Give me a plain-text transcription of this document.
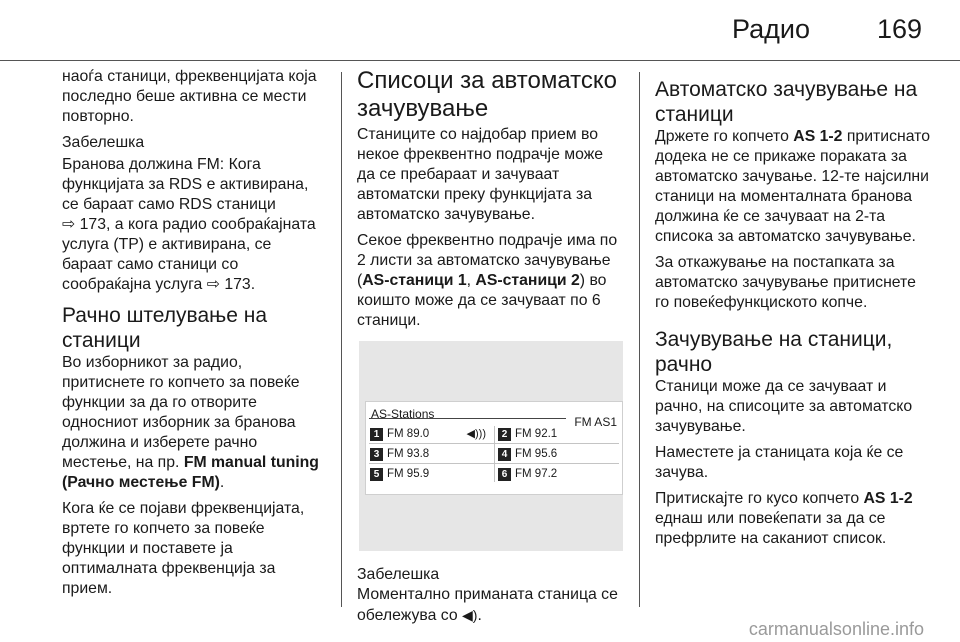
Радио 169

наоѓа станици, фреквенцијата која последно беше активна се мести повторно.

Забелешка

Бранова должина FM: Кога функцијата за RDS е активирана, се бараат само RDS станици
⇨ 173, а кога радио сообраќајната услуга (TP) е активирана, се бараат само станици со сообраќајна услуга ⇨ 173.

Рачно штелување на станици

Во изборникот за радио, притиснете го копчето за повеќе функции за да го отворите односниот изборник за бранова должина и изберете рачно местење, на пр. FM manual tuning (Рачно местење FM).

Кога ќе се појави фреквенцијата, вртете го копчето за повеќе функции и поставете ја оптималната фреквенција за прием.

Списоци за автоматско зачувување

Станиците со најдобар прием во некое фреквентно подрачје може да се пребараат и зачуваат автоматски преку функцијата за автоматско зачувување.

Секое фреквентно подрачје има по 2 листи за автоматско зачувување (AS-станици 1, AS-станици 2) во коишто може да се зачуваат по 6 станици.

AS-Stations
FM AS1
1 FM 89.0	◀)))	2 FM 92.1
3 FM 93.8	4 FM 95.6
5 FM 95.9	6 FM 97.2
Забелешка

Моментално приманата станица се обележува со ◀).

Автоматско зачувување на станици

Држете го копчето AS 1-2 притиснато додека не се прикаже пораката за автоматско зачување. 12-те најсилни станици на моменталната бранова должина ќе се зачуваат на 2-та списока за автоматско зачувување.

За откажување на постапката за автоматско зачувување притиснете го повеќефункциското копче.

Зачувување на станици, рачно

Станици може да се зачуваат и рачно, на списоците за автоматско зачувување.

Наместете ја станицата која ќе се зачува.

Притискајте го кусо копчето AS 1-2 еднаш или повеќепати за да се префрлите на саканиот список.

carmanualsonline.info
